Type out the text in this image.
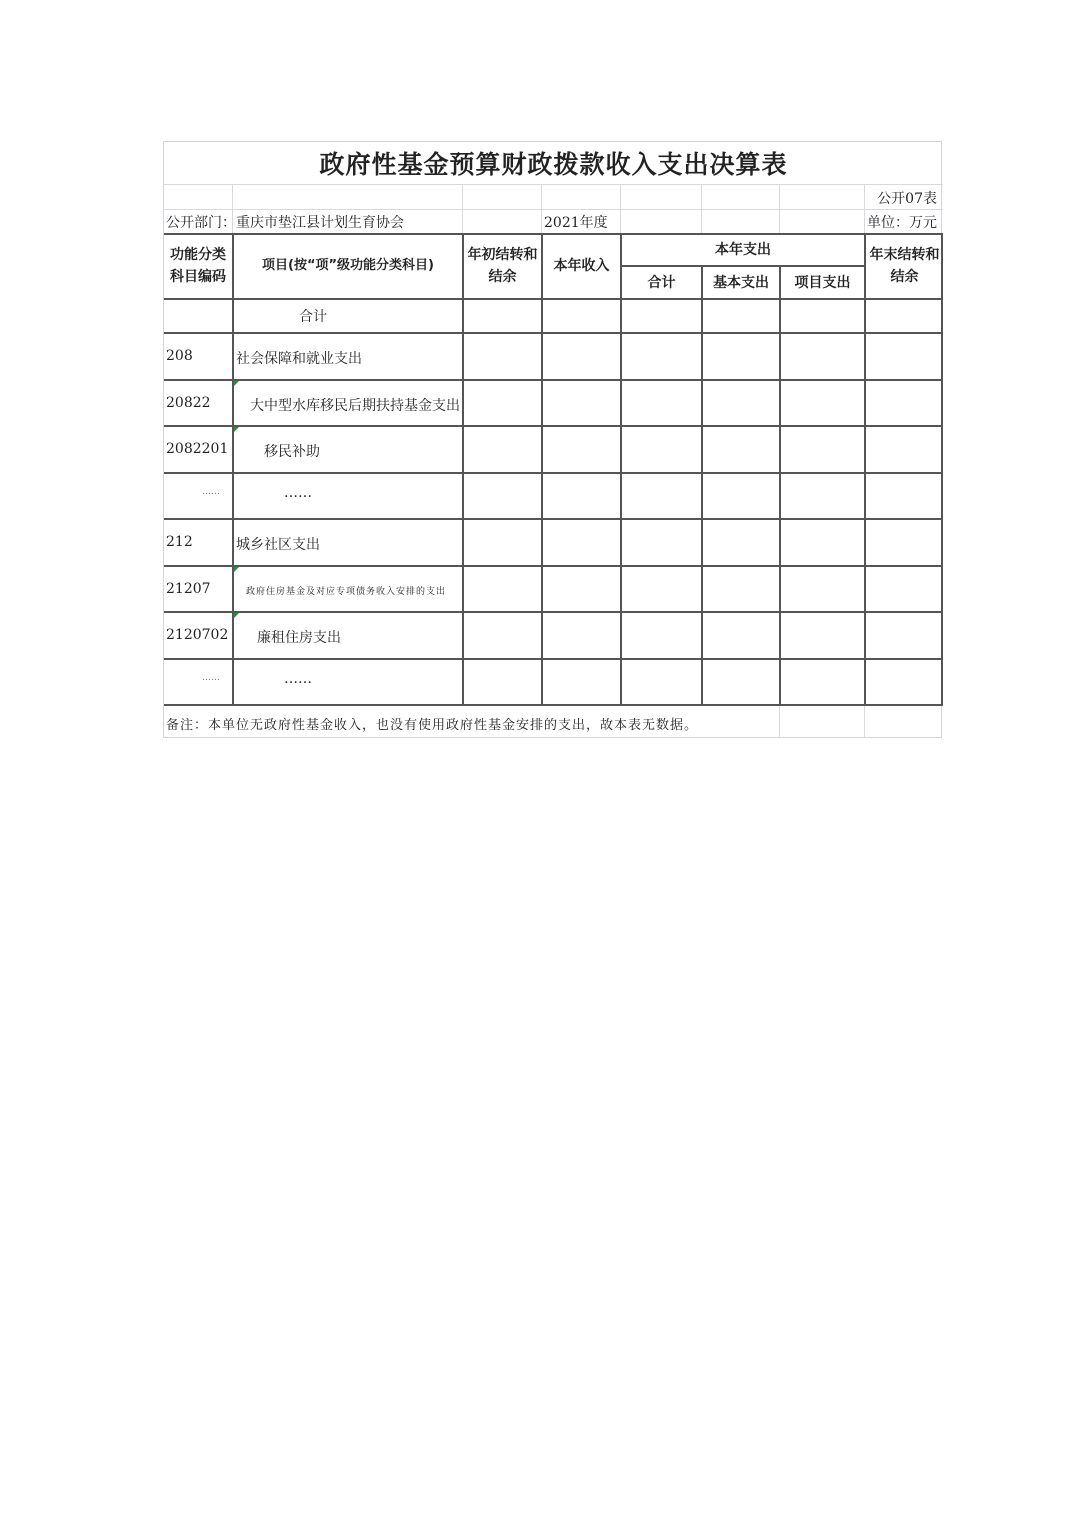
政府性基金预算财政拨款收入支出决算表
公开07表
公开部门：重庆市垫江县计划生育协会	2021年度	单位：万元
功能分类
科目编码
项目(按“项”级功能分类科目)
年初结转和
结余
本年收入
本年支出
合计	基本支出	项目支出
年末结转和
结余
合计
208	社会保障和就业支出
20822	大中型水库移民后期扶持基金支出
2082201	移民补助
……	……
212	城乡社区支出
21207	政府住房基金及对应专项债务收入安排的支出
2120702 廉租住房支出
……	……
备注：本单位无政府性基金收入，也没有使用政府性基金安排的支出，故本表无数据。
